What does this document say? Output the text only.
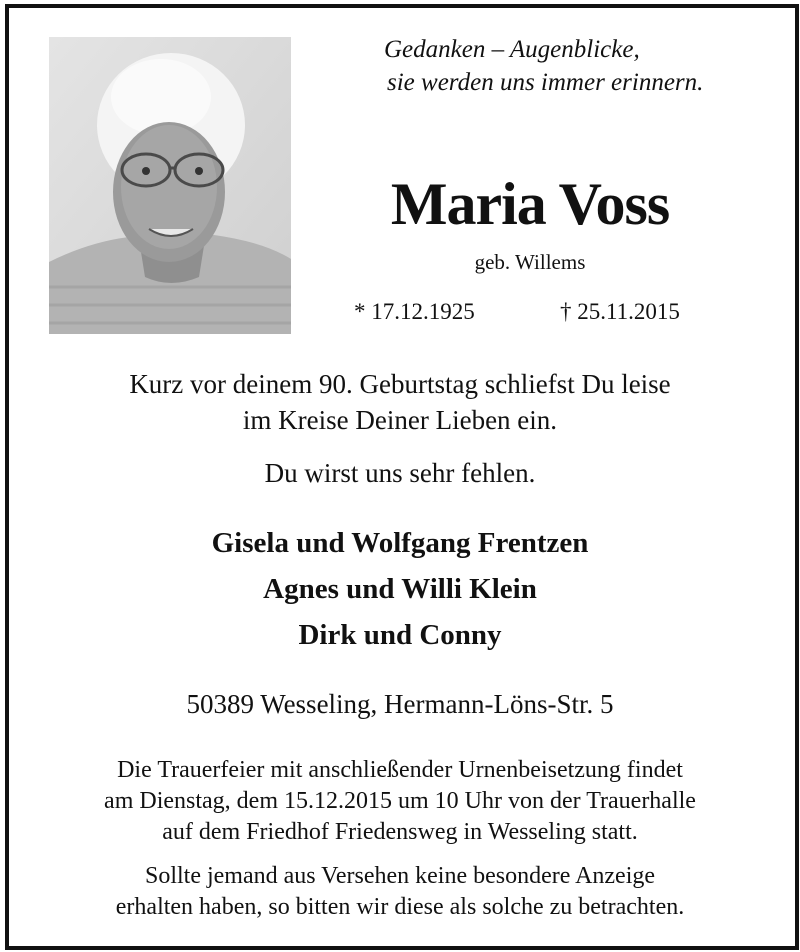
Gedanken – Augenblicke,
sie werden uns immer erinnern.
Maria Voss
geb. Willems
* 17.12.1925	† 25.11.2015
Kurz vor deinem 90. Geburtstag schliefst Du leise
im Kreise Deiner Lieben ein.
Du wirst uns sehr fehlen.
Gisela und Wolfgang Frentzen
Agnes und Willi Klein
Dirk und Conny
50389 Wesseling, Hermann-Löns-Str. 5
Die Trauerfeier mit anschließender Urnenbeisetzung findet
am Dienstag, dem 15.12.2015 um 10 Uhr von der Trauerhalle
auf dem Friedhof Friedensweg in Wesseling statt.
Sollte jemand aus Versehen keine besondere Anzeige
erhalten haben, so bitten wir diese als solche zu betrachten.
